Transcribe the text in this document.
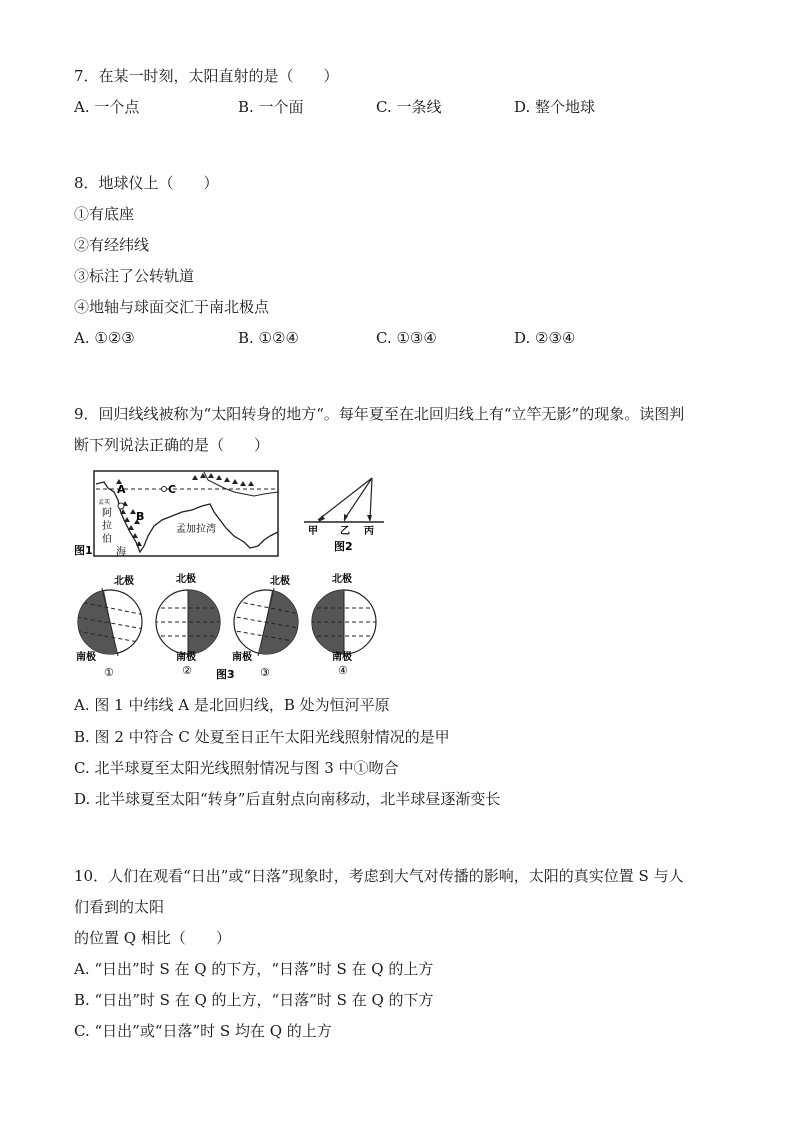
7．在某一时刻，太阳直射的是（　　）
A. 一个点	B. 一个面	C. 一条线	D. 整个地球
8．地球仪上（　　）
①有底座
②有经纬线
③标注了公转轨道
④地轴与球面交汇于南北极点
A. ①②③	B. ①②④	C. ①③④	D. ②③④
9．回归线线被称为“太阳转身的地方“。每年夏至在北回归线上有“立竿无影”的现象。读图判
断下列说法正确的是（　　）
A	C
B
孟买
阿
拉
伯
海
孟加拉湾
图1
甲 乙 丙
图2
北极	北极	北极	北极
南极	南极	南极	南极
①	②	③	④
图3
A. 图 1 中纬线 A 是北回归线，B 处为恒河平原
B. 图 2 中符合 C 处夏至日正午太阳光线照射情况的是甲
C. 北半球夏至太阳光线照射情况与图 3 中①吻合
D. 北半球夏至太阳“转身”后直射点向南移动，北半球昼逐渐变长
10．人们在观看“日出”或“日落”现象时，考虑到大气对传播的影响，太阳的真实位置 S 与人
们看到的太阳
的位置 Q 相比（　　）
A. “日出”时 S 在 Q 的下方，“日落”时 S 在 Q 的上方
B. “日出”时 S 在 Q 的上方，“日落”时 S 在 Q 的下方
C. “日出”或“日落”时 S 均在 Q 的上方
